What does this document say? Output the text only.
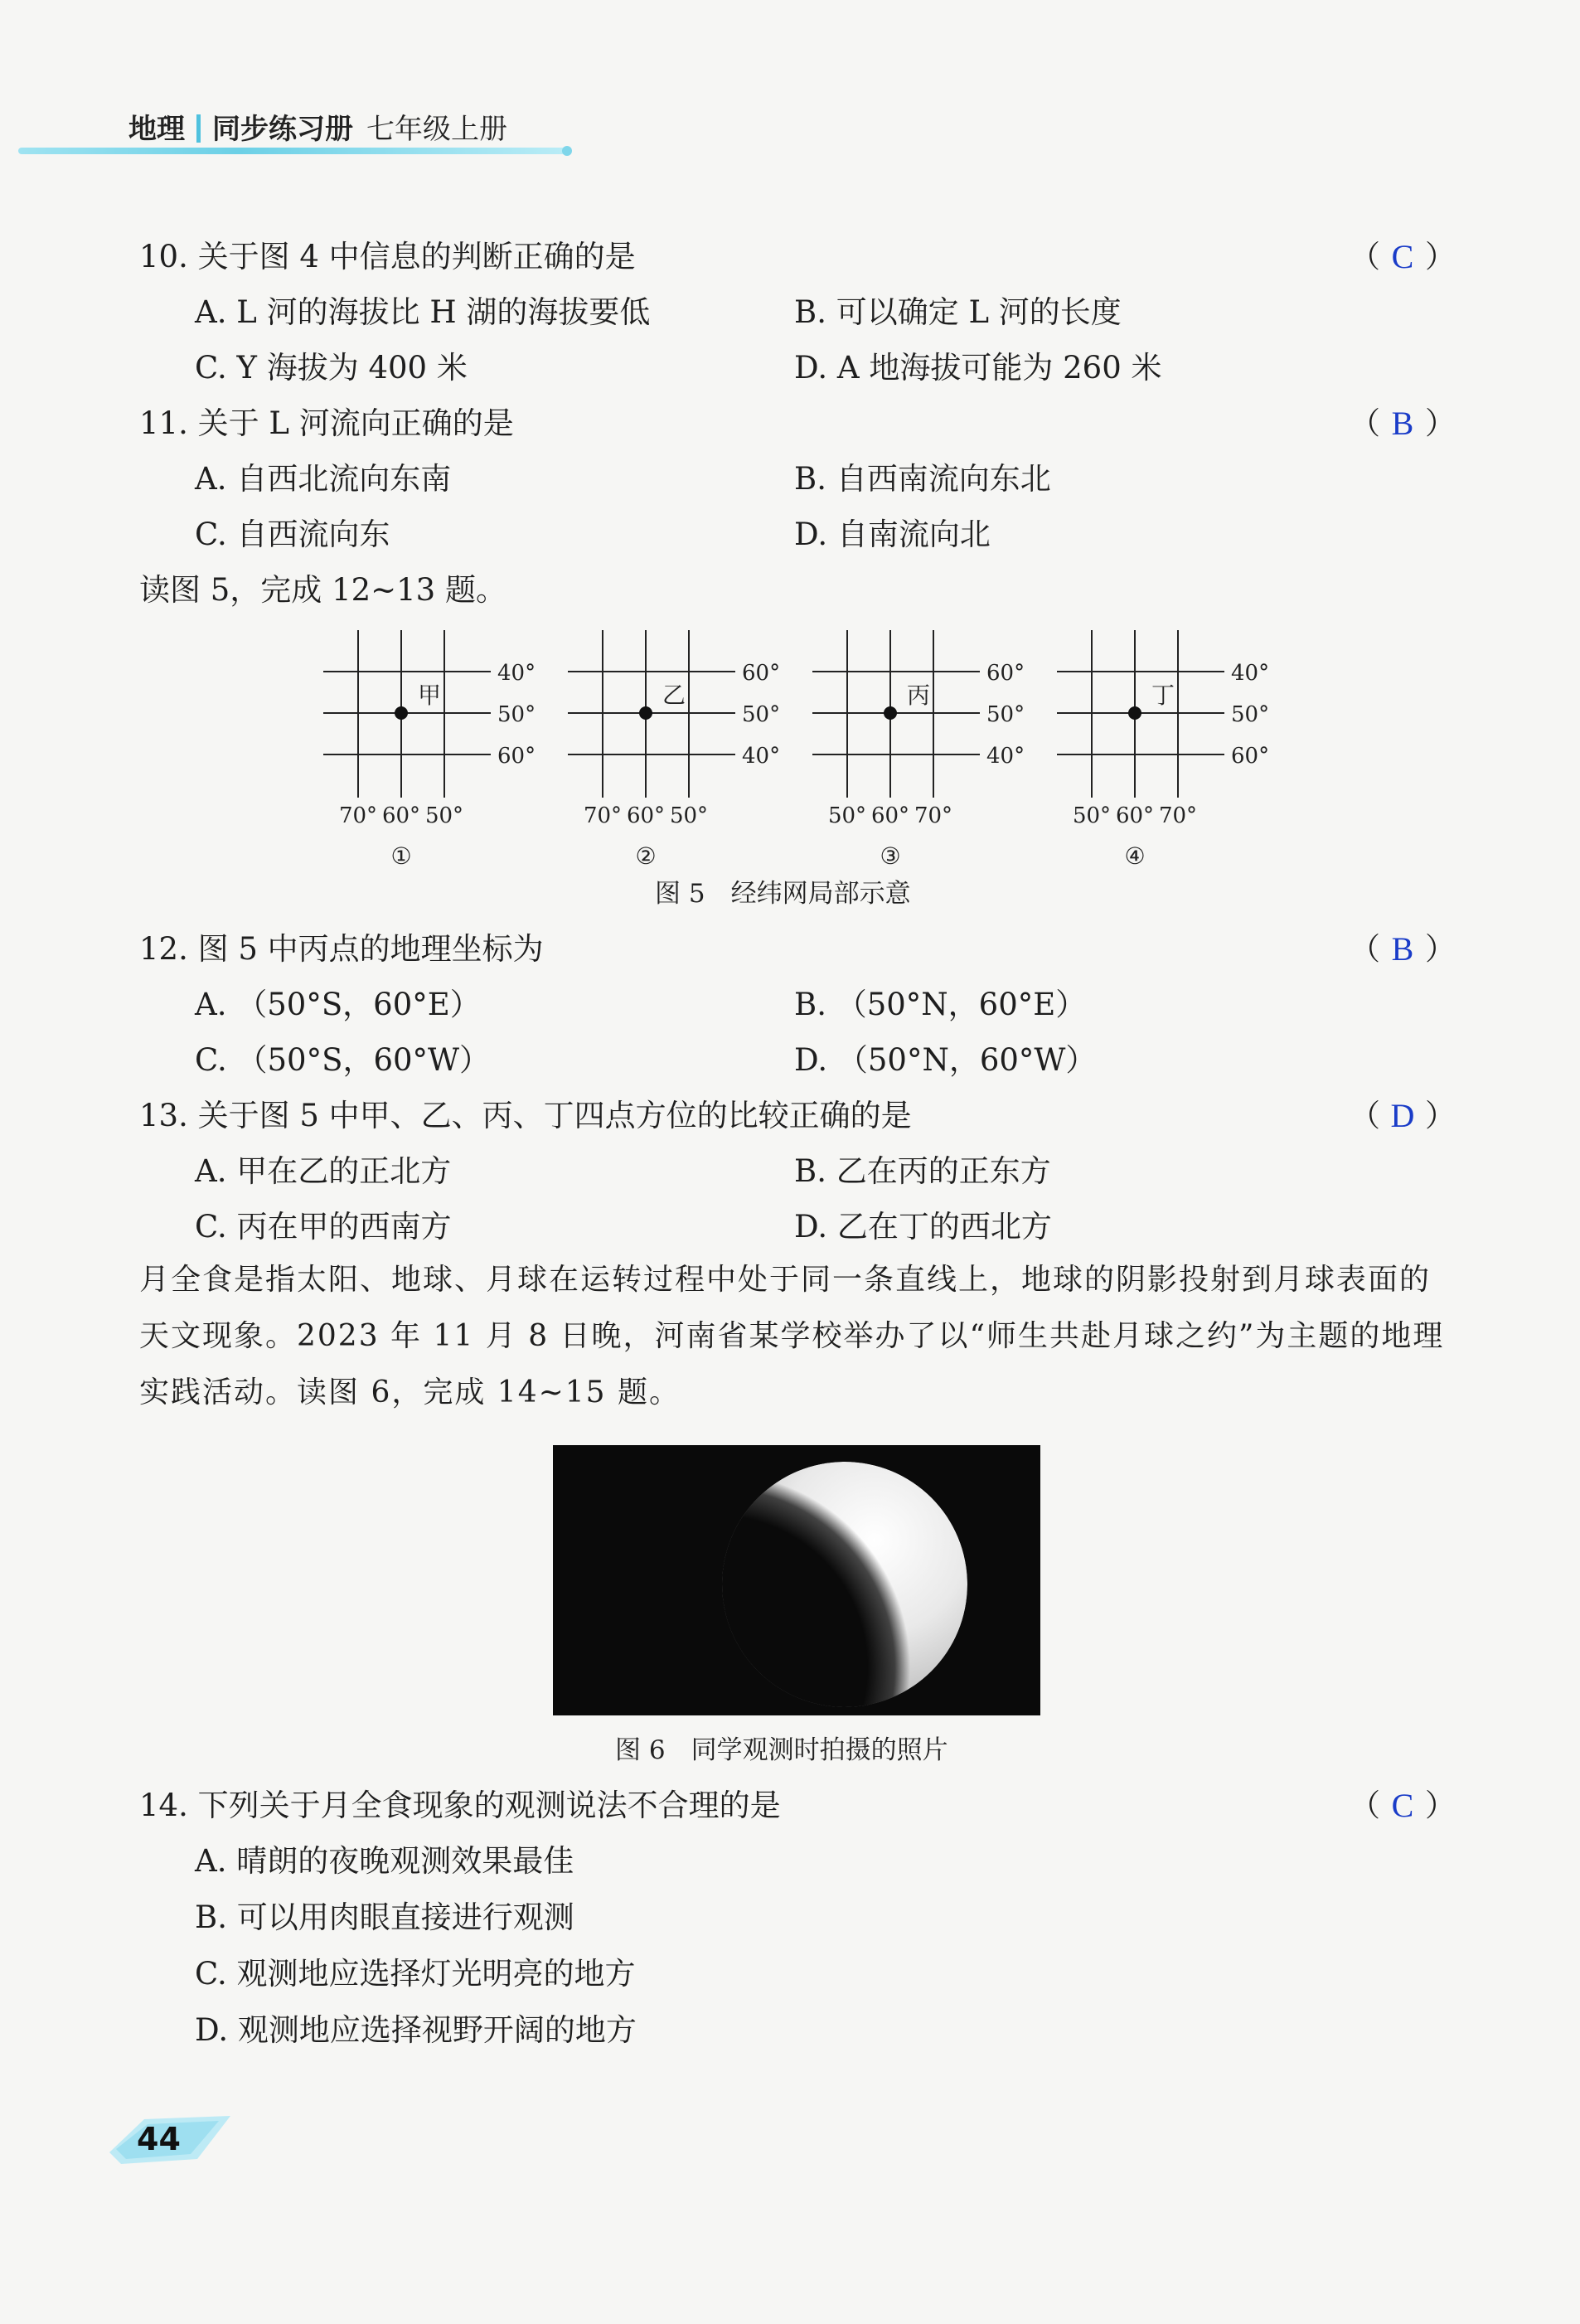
地理 同步练习册 七年级上册
10. 关于图 4 中信息的判断正确的是	（ C ）
A. L 河的海拔比 H 湖的海拔要低	B. 可以确定 L 河的长度
C. Y 海拔为 400 米	D. A 地海拔可能为 260 米
11. 关于 L 河流向正确的是	（ B ）
A. 自西北流向东南	B. 自西南流向东北
C. 自西流向东	D. 自南流向北
读图 5，完成 12~13 题。
甲
40°
50°
60°
70° 60° 50°
①
乙
60°
50°
40°
70° 60° 50°
②
丙
60°
50°
40°
50° 60° 70°
③
丁
40°
50°
60°
50° 60° 70°
④
图 5　经纬网局部示意
12. 图 5 中丙点的地理坐标为	（ B ）
A. （50°S，60°E）	B. （50°N，60°E）
C. （50°S，60°W）	D. （50°N，60°W）
13. 关于图 5 中甲、乙、丙、丁四点方位的比较正确的是	（ D ）
A. 甲在乙的正北方	B. 乙在丙的正东方
C. 丙在甲的西南方	D. 乙在丁的西北方
月全食是指太阳、地球、月球在运转过程中处于同一条直线上，地球的阴影投射到月球表面的天文现象。2023 年 11 月 8 日晚，河南省某学校举办了以“师生共赴月球之约”为主题的地理实践活动。读图 6，完成 14~15 题。
图 6　同学观测时拍摄的照片
14. 下列关于月全食现象的观测说法不合理的是	（ C ）
A. 晴朗的夜晚观测效果最佳
B. 可以用肉眼直接进行观测
C. 观测地应选择灯光明亮的地方
D. 观测地应选择视野开阔的地方
44
